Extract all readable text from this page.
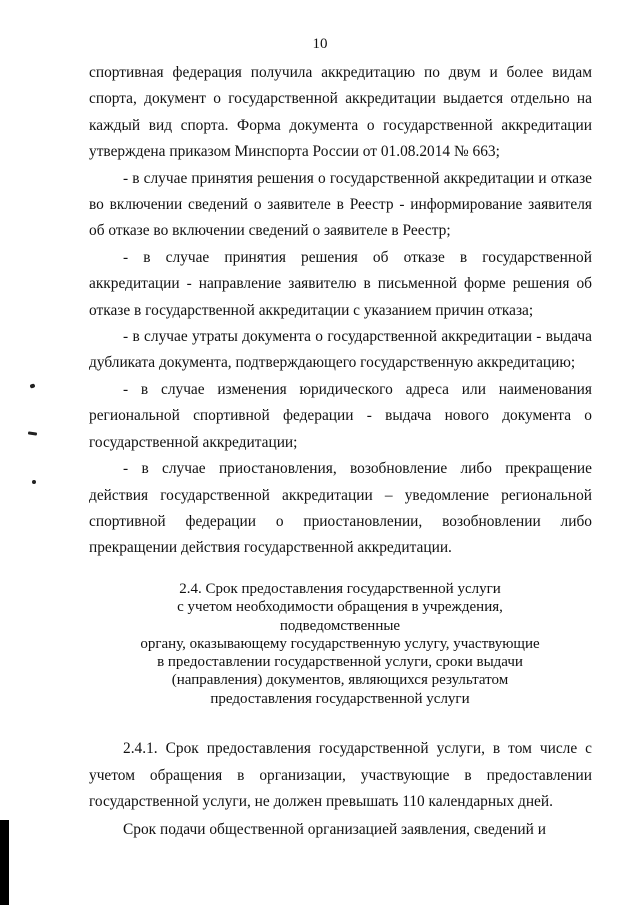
10

спортивная федерация получила аккредитацию по двум и более видам спорта, документ о государственной аккредитации выдается отдельно на каждый вид спорта. Форма документа о государственной аккредитации утверждена приказом Минспорта России от 01.08.2014 № 663;

- в случае принятия решения о государственной аккредитации и отказе во включении сведений о заявителе в Реестр - информирование заявителя об отказе во включении сведений о заявителе в Реестр;

- в случае принятия решения об отказе в государственной аккредитации - направление заявителю в письменной форме решения об отказе в государственной аккредитации с указанием причин отказа;

- в случае утраты документа о государственной аккредитации - выдача дубликата документа, подтверждающего государственную аккредитацию;

- в случае изменения юридического адреса или наименования региональной спортивной федерации - выдача нового документа о государственной аккредитации;

- в случае приостановления, возобновление либо прекращение действия государственной аккредитации – уведомление региональной спортивной федерации о приостановлении, возобновлении либо прекращении действия государственной аккредитации.

2.4. Срок предоставления государственной услуги
с учетом необходимости обращения в учреждения, подведомственные
органу, оказывающему государственную услугу, участвующие
в предоставлении государственной услуги, сроки выдачи
(направления) документов, являющихся результатом
предоставления государственной услуги

2.4.1. Срок предоставления государственной услуги, в том числе с учетом обращения в организации, участвующие в предоставлении государственной услуги, не должен превышать 110 календарных дней.

Срок подачи общественной организацией заявления, сведений и
